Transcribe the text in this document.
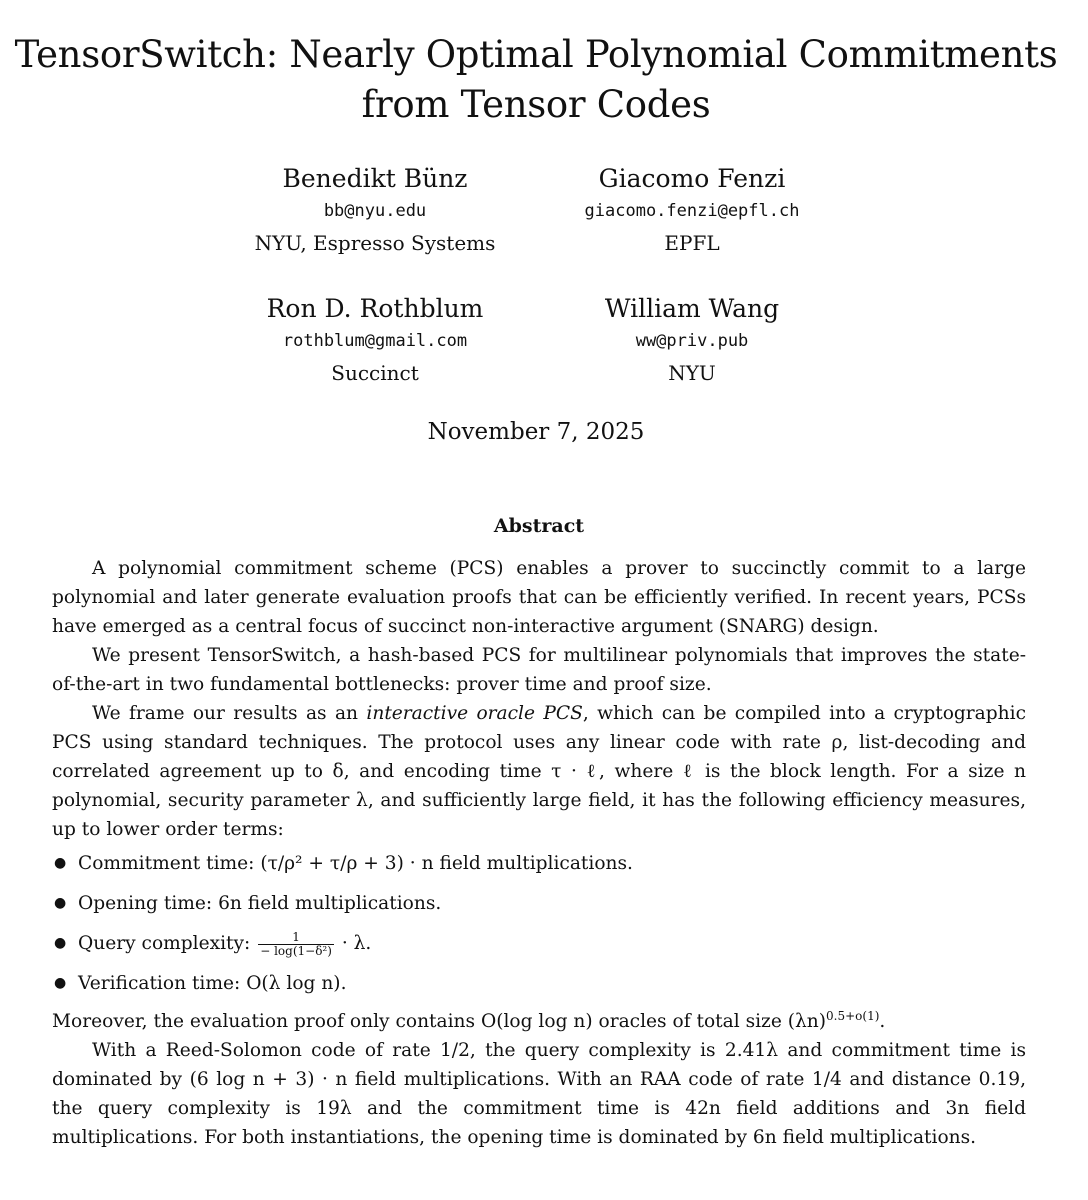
TensorSwitch: Nearly Optimal Polynomial Commitments from Tensor Codes
Benedikt Bünz
bb@nyu.edu
NYU, Espresso Systems
Giacomo Fenzi
giacomo.fenzi@epfl.ch
EPFL
Ron D. Rothblum
rothblum@gmail.com
Succinct
William Wang
ww@priv.pub
NYU
November 7, 2025
Abstract

A polynomial commitment scheme (PCS) enables a prover to succinctly commit to a large polynomial and later generate evaluation proofs that can be efficiently verified. In recent years, PCSs have emerged as a central focus of succinct non-interactive argument (SNARG) design.

We present TensorSwitch, a hash-based PCS for multilinear polynomials that improves the state-of-the-art in two fundamental bottlenecks: prover time and proof size.

We frame our results as an interactive oracle PCS, which can be compiled into a cryptographic PCS using standard techniques. The protocol uses any linear code with rate ρ, list-decoding and correlated agreement up to δ, and encoding time τ · ℓ, where ℓ is the block length. For a size n polynomial, security parameter λ, and sufficiently large field, it has the following efficiency measures, up to lower order terms:

● Commitment time: (τ/ρ² + τ/ρ + 3) · n field multiplications.
● Opening time: 6n field multiplications.
● Query complexity: $\frac{1}{\text{− log(1−δ²)}} \cdot \lambda$.
● Verification time: O(λ log n).

Moreover, the evaluation proof only contains O(log log n) oracles of total size $(\lambda n)^{0.5+o(1)}$.

With a Reed-Solomon code of rate 1/2, the query complexity is 2.41λ and commitment time is dominated by (6 log n + 3) · n field multiplications. With an RAA code of rate 1/4 and distance 0.19, the query complexity is 19λ and the commitment time is 42n field additions and 3n field multiplications. For both instantiations, the opening time is dominated by 6n field multiplications.
